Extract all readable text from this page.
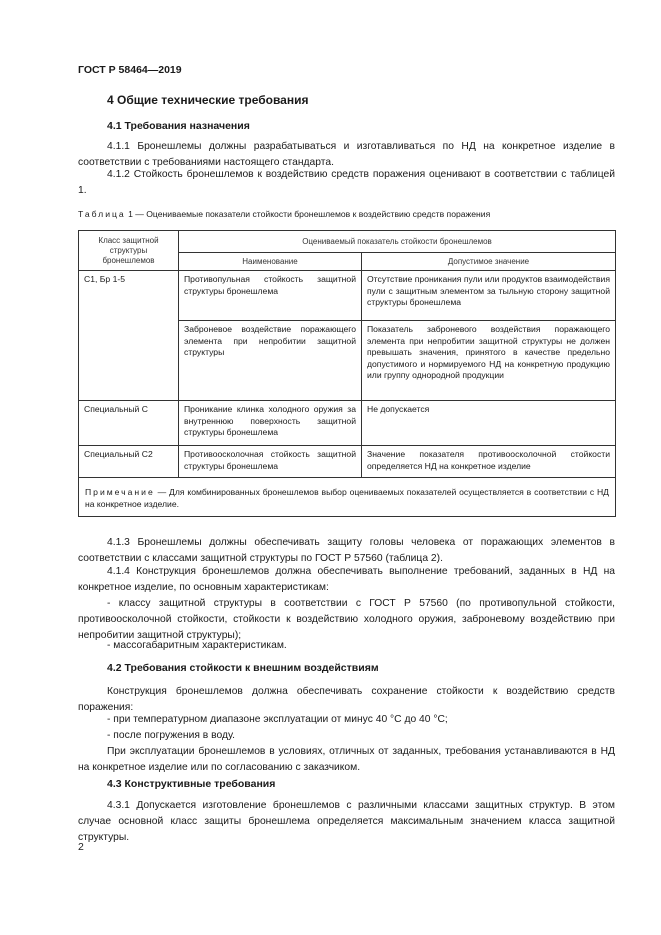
ГОСТ Р 58464—2019
4 Общие технические требования
4.1 Требования назначения

4.1.1 Бронешлемы должны разрабатываться и изготавливаться по НД на конкретное изделие в соответствии с требованиями настоящего стандарта.

4.1.2 Стойкость бронешлемов к воздействию средств поражения оценивают в соответствии с таблицей 1.

Таблица 1 — Оцениваемые показатели стойкости бронешлемов к воздействию средств поражения
Класс защитной структуры бронешлемов	Оцениваемый показатель стойкости бронешлемов	
	Наименование	Допустимое значение
С1, Бр 1-5	Противопульная стойкость защитной структуры бронешлема	Отсутствие проникания пули или продуктов взаимодействия пули с защитным элементом за тыльную сторону защитной структуры бронешлема
	Заброневое воздействие поражающего элемента при непробитии защитной структуры	Показатель заброневого воздействия поражающего элемента при непробитии защитной структуры не должен превышать значения, принятого в качестве предельно допустимого и нормируемого НД на конкретную продукцию или группу однородной продукции
Специальный С	Проникание клинка холодного оружия за внутреннюю поверхность защитной структуры бронешлема	Не допускается
Специальный С2	Противоосколочная стойкость защитной структуры бронешлема	Значение показателя противоосколочной стойкости определяется НД на конкретное изделие
Примечание — Для комбинированных бронешлемов выбор оцениваемых показателей осуществляется в соответствии с НД на конкретное изделие.		

4.1.3 Бронешлемы должны обеспечивать защиту головы человека от поражающих элементов в соответствии с классами защитной структуры по ГОСТ Р 57560 (таблица 2).

4.1.4 Конструкция бронешлемов должна обеспечивать выполнение требований, заданных в НД на конкретное изделие, по основным характеристикам:

- классу защитной структуры в соответствии с ГОСТ Р 57560 (по противопульной стойкости, противоосколочной стойкости, стойкости к воздействию холодного оружия, заброневому воздействию при непробитии защитной структуры);

- массогабаритным характеристикам.

4.2 Требования стойкости к внешним воздействиям

Конструкция бронешлемов должна обеспечивать сохранение стойкости к воздействию средств поражения:

- при температурном диапазоне эксплуатации от минус 40 °С до 40 °С;

- после погружения в воду.

При эксплуатации бронешлемов в условиях, отличных от заданных, требования устанавливаются в НД на конкретное изделие или по согласованию с заказчиком.

4.3 Конструктивные требования

4.3.1 Допускается изготовление бронешлемов с различными классами защитных структур. В этом случае основной класс защиты бронешлема определяется максимальным значением класса защитной структуры.

2
